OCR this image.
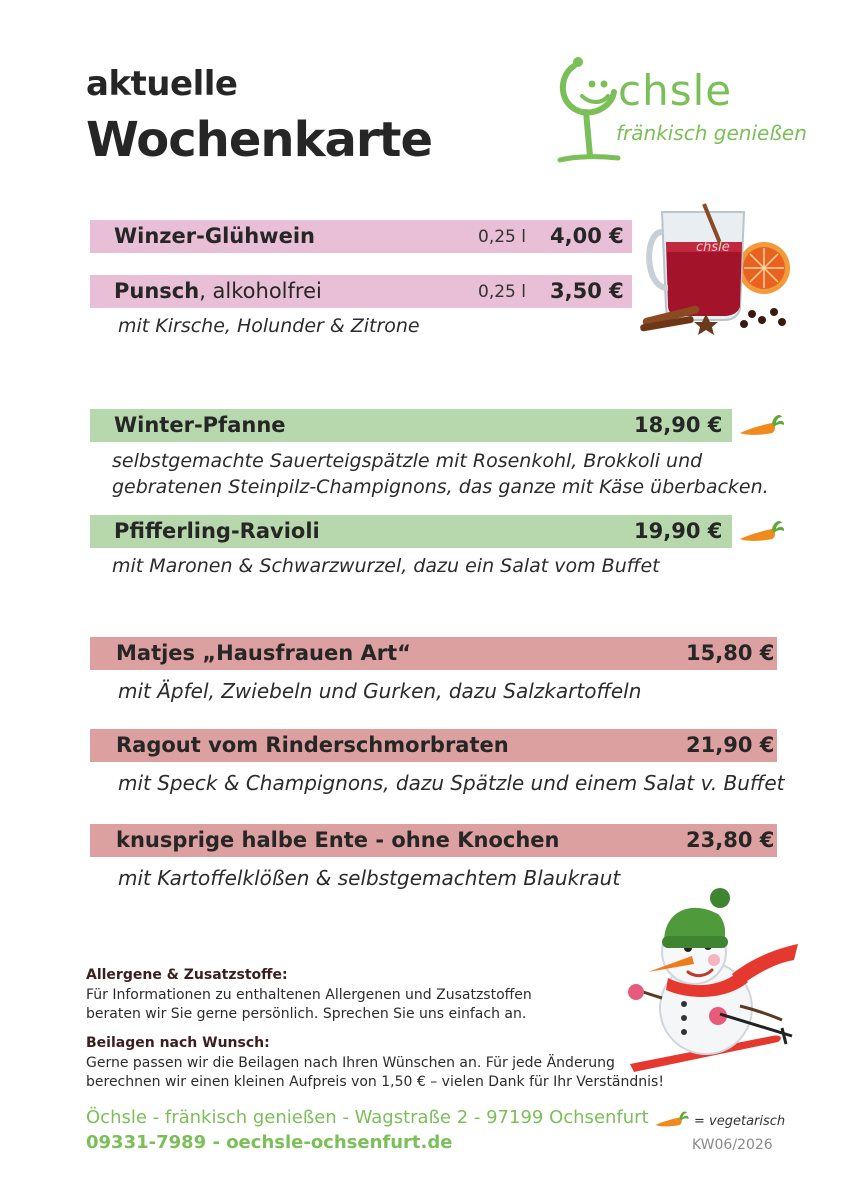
aktuelle
Wochenkarte
chsle
fränkisch genießen
chsle
Winzer-Glühwein	0,25 l 4,00 €
Punsch, alkoholfrei	0,25 l 3,50 €
mit Kirsche, Holunder & Zitrone
Winter-Pfanne	18,90 €
selbstgemachte Sauerteigspätzle mit Rosenkohl, Brokkoli und
gebratenen Steinpilz-Champignons, das ganze mit Käse überbacken.
Pfifferling-Ravioli	19,90 €
mit Maronen & Schwarzwurzel, dazu ein Salat vom Buffet
Matjes „Hausfrauen Art“	15,80 €
mit Äpfel, Zwiebeln und Gurken, dazu Salzkartoffeln
Ragout vom Rinderschmorbraten	21,90 €
mit Speck & Champignons, dazu Spätzle und einem Salat v. Buffet
knusprige halbe Ente - ohne Knochen	23,80 €
mit Kartoffelklößen & selbstgemachtem Blaukraut
Allergene & Zusatzstoffe:
Für Informationen zu enthaltenen Allergenen und Zusatzstoffen
beraten wir Sie gerne persönlich. Sprechen Sie uns einfach an.
Beilagen nach Wunsch:
Gerne passen wir die Beilagen nach Ihren Wünschen an. Für jede Änderung
berechnen wir einen kleinen Aufpreis von 1,50 € – vielen Dank für Ihr Verständnis!
Öchsle - fränkisch genießen - Wagstraße 2 - 97199 Ochsenfurt
09331-7989 - oechsle-ochsenfurt.de
= vegetarisch
KW06/2026
